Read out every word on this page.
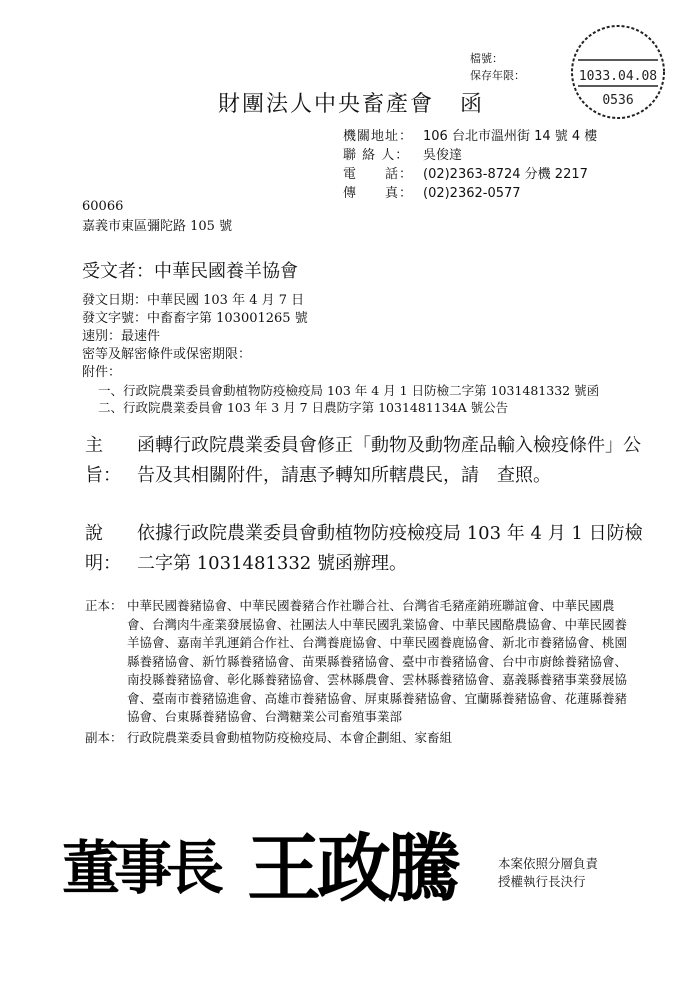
檔號：
保存年限：	1033.04.08
0536
財團法人中央畜產會 函
機關地址： 106 台北市溫州街 14 號 4 樓
聯 絡 人：	吳俊達
電　　話： (02)2363-8724 分機 2217
傳　　真： (02)2362-0577
60066
嘉義市東區彌陀路 105 號
受文者：中華民國養羊協會
發文日期：中華民國 103 年 4 月 7 日
發文字號：中畜畜字第 103001265 號
速別：最速件
密等及解密條件或保密期限：
附件：
一、行政院農業委員會動植物防疫檢疫局 103 年 4 月 1 日防檢二字第 1031481332 號函
二、行政院農業委員會 103 年 3 月 7 日農防字第 1031481134A 號公告
主旨：函轉行政院農業委員會修正「動物及動物產品輸入檢疫條件」公告及其相關附件，請惠予轉知所轄農民，請　查照。
說明：依據行政院農業委員會動植物防疫檢疫局 103 年 4 月 1 日防檢二字第 1031481332 號函辦理。
正本： 中華民國養豬協會、中華民國養豬合作社聯合社、台灣省毛豬產銷班聯誼會、中華民國農會、台灣肉牛產業發展協會、社團法人中華民國乳業協會、中華民國酪農協會、中華民國養羊協會、嘉南羊乳運銷合作社、台灣養鹿協會、中華民國養鹿協會、新北市養豬協會、桃園縣養豬協會、新竹縣養豬協會、苗栗縣養豬協會、臺中市養豬協會、台中市廚餘養豬協會、南投縣養豬協會、彰化縣養豬協會、雲林縣農會、雲林縣養豬協會、嘉義縣養豬事業發展協會、臺南市養豬協進會、高雄市養豬協會、屏東縣養豬協會、宜蘭縣養豬協會、花蓮縣養豬協會、台東縣養豬協會、台灣糖業公司畜殖事業部
副本： 行政院農業委員會動植物防疫檢疫局、本會企劃組、家畜組
董事長 王政騰	本案依照分層負責
授權執行長決行
